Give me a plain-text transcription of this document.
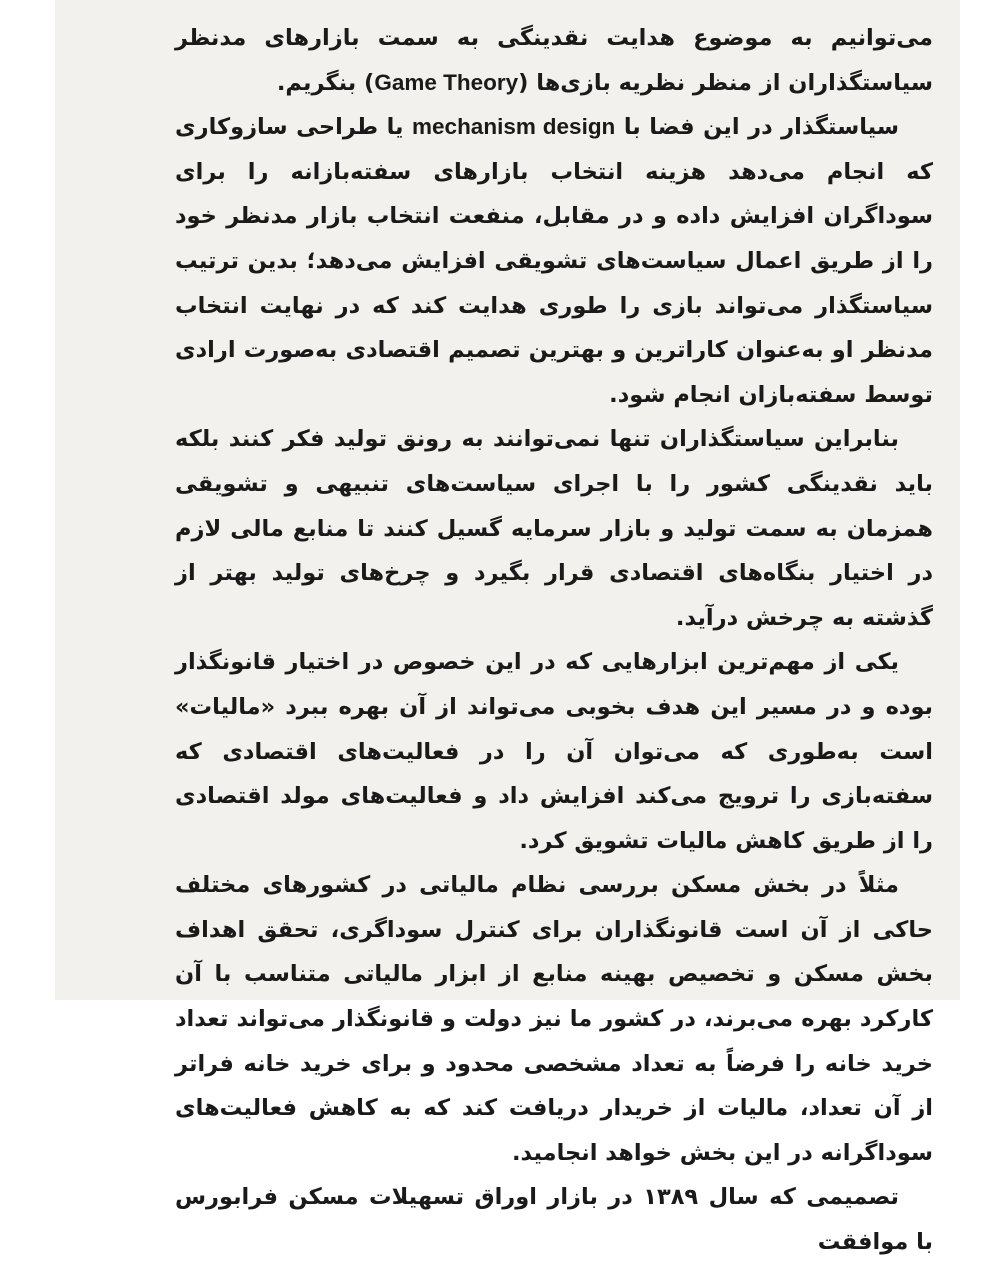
می‌توانیم به موضوع هدایت نقدینگی به سمت بازارهای مدنظر سیاستگذاران از منظر نظریه بازی‌ها (Game Theory) بنگریم.

سیاستگذار در این فضا با mechanism design یا طراحی سازوکاری که انجام می‌دهد هزینه انتخاب بازارهای سفته‌بازانه را برای سوداگران افزایش داده و در مقابل، منفعت انتخاب بازار مدنظر خود را از طریق اعمال سیاست‌های تشویقی افزایش می‌دهد؛ بدین ترتیب سیاستگذار می‌تواند بازی را طوری هدایت کند که در نهایت انتخاب مدنظر او به‌عنوان کاراترین و بهترین تصمیم اقتصادی به‌صورت ارادی توسط سفته‌بازان انجام شود.

بنابراین سیاستگذاران تنها نمی‌توانند به رونق تولید فکر کنند بلکه باید نقدینگی کشور را با اجرای سیاست‌های تنبیهی و تشویقی همزمان به سمت تولید و بازار سرمایه گسیل کنند تا منابع مالی لازم در اختیار بنگاه‌های اقتصادی قرار بگیرد و چرخ‌های تولید بهتر از گذشته به چرخش درآید.

یکی از مهم‌ترین ابزارهایی که در این خصوص در اختیار قانونگذار بوده و در مسیر این هدف بخوبی می‌تواند از آن بهره ببرد «مالیات» است به‌طوری که می‌توان آن را در فعالیت‌های اقتصادی که سفته‌بازی را ترویج می‌کند افزایش داد و فعالیت‌های مولد اقتصادی را از طریق کاهش مالیات تشویق کرد.

مثلاً در بخش مسکن بررسی نظام مالیاتی در کشورهای مختلف حاکی از آن است قانونگذاران برای کنترل سوداگری، تحقق اهداف بخش مسکن و تخصیص بهینه منابع از ابزار مالیاتی متناسب با آن کارکرد بهره می‌برند، در کشور ما نیز دولت و قانونگذار می‌تواند تعداد خرید خانه را فرضاً به تعداد مشخصی محدود و برای خرید خانه فراتر از آن تعداد، مالیات از خریدار دریافت کند که به کاهش فعالیت‌های سوداگرانه در این بخش خواهد انجامید.

تصمیمی که سال ۱۳۸۹ در بازار اوراق تسهیلات مسکن فرابورس با موافقت
